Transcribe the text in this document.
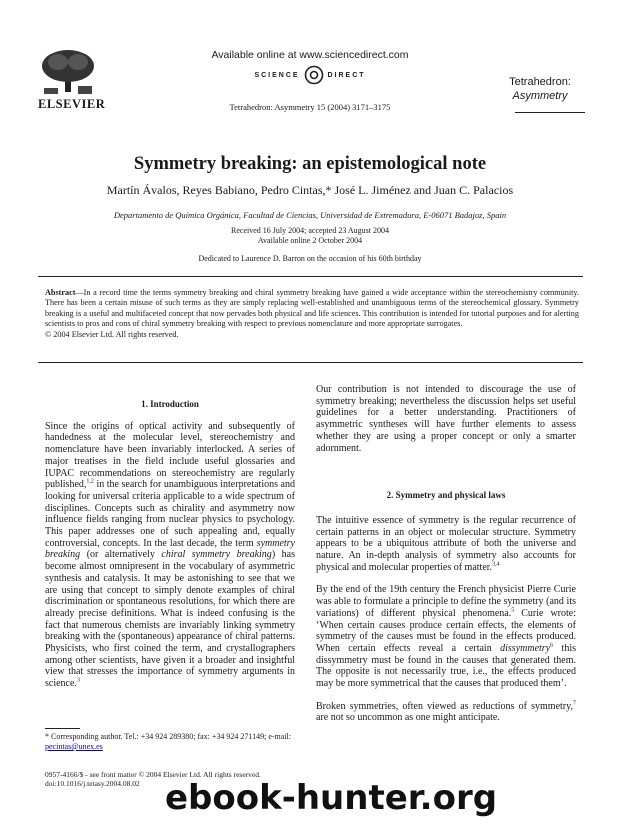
ELSEVIER
Available online at www.sciencedirect.com
SCIENCE	DIRECT
Tetrahedron: Asymmetry 15 (2004) 3171–3175
Tetrahedron:
Asymmetry
Symmetry breaking: an epistemological note
Martín Ávalos, Reyes Babiano, Pedro Cintas,* José L. Jiménez and Juan C. Palacios
Departamento de Química Orgánica, Facultad de Ciencias, Universidad de Extremadura, E-06071 Badajoz, Spain
Received 16 July 2004; accepted 23 August 2004
Available online 2 October 2004
Dedicated to Laurence D. Barron on the occasion of his 60th birthday
Abstract—In a record time the terms symmetry breaking and chiral symmetry breaking have gained a wide acceptance within the stereochemistry community. There has been a certain misuse of such terms as they are simply replacing well-established and unambiguous terms of the stereochemical glossary. Symmetry breaking is a useful and multifaceted concept that now pervades both physical and life sciences. This contribution is intended for tutorial purposes and for alerting scientists to pros and cons of chiral symmetry breaking with respect to previous nomenclature and more appropriate surrogates.
© 2004 Elsevier Ltd. All rights reserved.

1. Introduction

Since the origins of optical activity and subsequently of handedness at the molecular level, stereochemistry and nomenclature have been invariably interlocked. A series of major treatises in the field include useful glossaries and IUPAC recommendations on stereochemistry are regularly published,$^{1,2}$ in the search for unambiguous interpretations and looking for universal criteria applicable to a wide spectrum of disciplines. Concepts such as chirality and asymmetry now influence fields ranging from nuclear physics to psychology. This paper addresses one of such appealing and, equally controversial, concepts. In the last decade, the term symmetry breaking (or alternatively chiral symmetry breaking) has become almost omnipresent in the vocabulary of asymmetric synthesis and catalysis. It may be astonishing to see that we are using that concept to simply denote examples of chiral discrimination or spontaneous resolutions, for which there are already precise definitions. What is indeed confusing is the fact that numerous chemists are invariably linking symmetry breaking with the (spontaneous) appearance of chiral patterns. Physicists, who first coined the term, and crystallographers among other scientists, have given it a broader and insightful view that stresses the importance of symmetry arguments in science.$^3$

* Corresponding author. Tel.: +34 924 289380; fax: +34 924 271149; e-mail: pecintas@unex.es
0957-4166/$ - see front matter © 2004 Elsevier Ltd. All rights reserved.
doi:10.1016/j.tetasy.2004.08.02

Our contribution is not intended to discourage the use of symmetry breaking; nevertheless the discussion helps set useful guidelines for a better understanding. Practitioners of asymmetric syntheses will have further elements to assess whether they are using a proper concept or only a smarter adornment.

2. Symmetry and physical laws

The intuitive essence of symmetry is the regular recurrence of certain patterns in an object or molecular structure. Symmetry appears to be a ubiquitous attribute of both the universe and nature. An in-depth analysis of symmetry also accounts for physical and molecular properties of matter.$^{3,4}$

By the end of the 19th century the French physicist Pierre Curie was able to formulate a principle to define the symmetry (and its variations) of different physical phenomena.$^5$ Curie wrote: ‘When certain causes produce certain effects, the elements of symmetry of the causes must be found in the effects produced. When certain effects reveal a certain dissymmetry$^6$ this dissymmetry must be found in the causes that generated them. The opposite is not necessarily true, i.e., the effects produced may be more symmetrical that the causes that produced them’.

Broken symmetries, often viewed as reductions of symmetry,$^7$ are not so uncommon as one might anticipate.

ebook-hunter.org
